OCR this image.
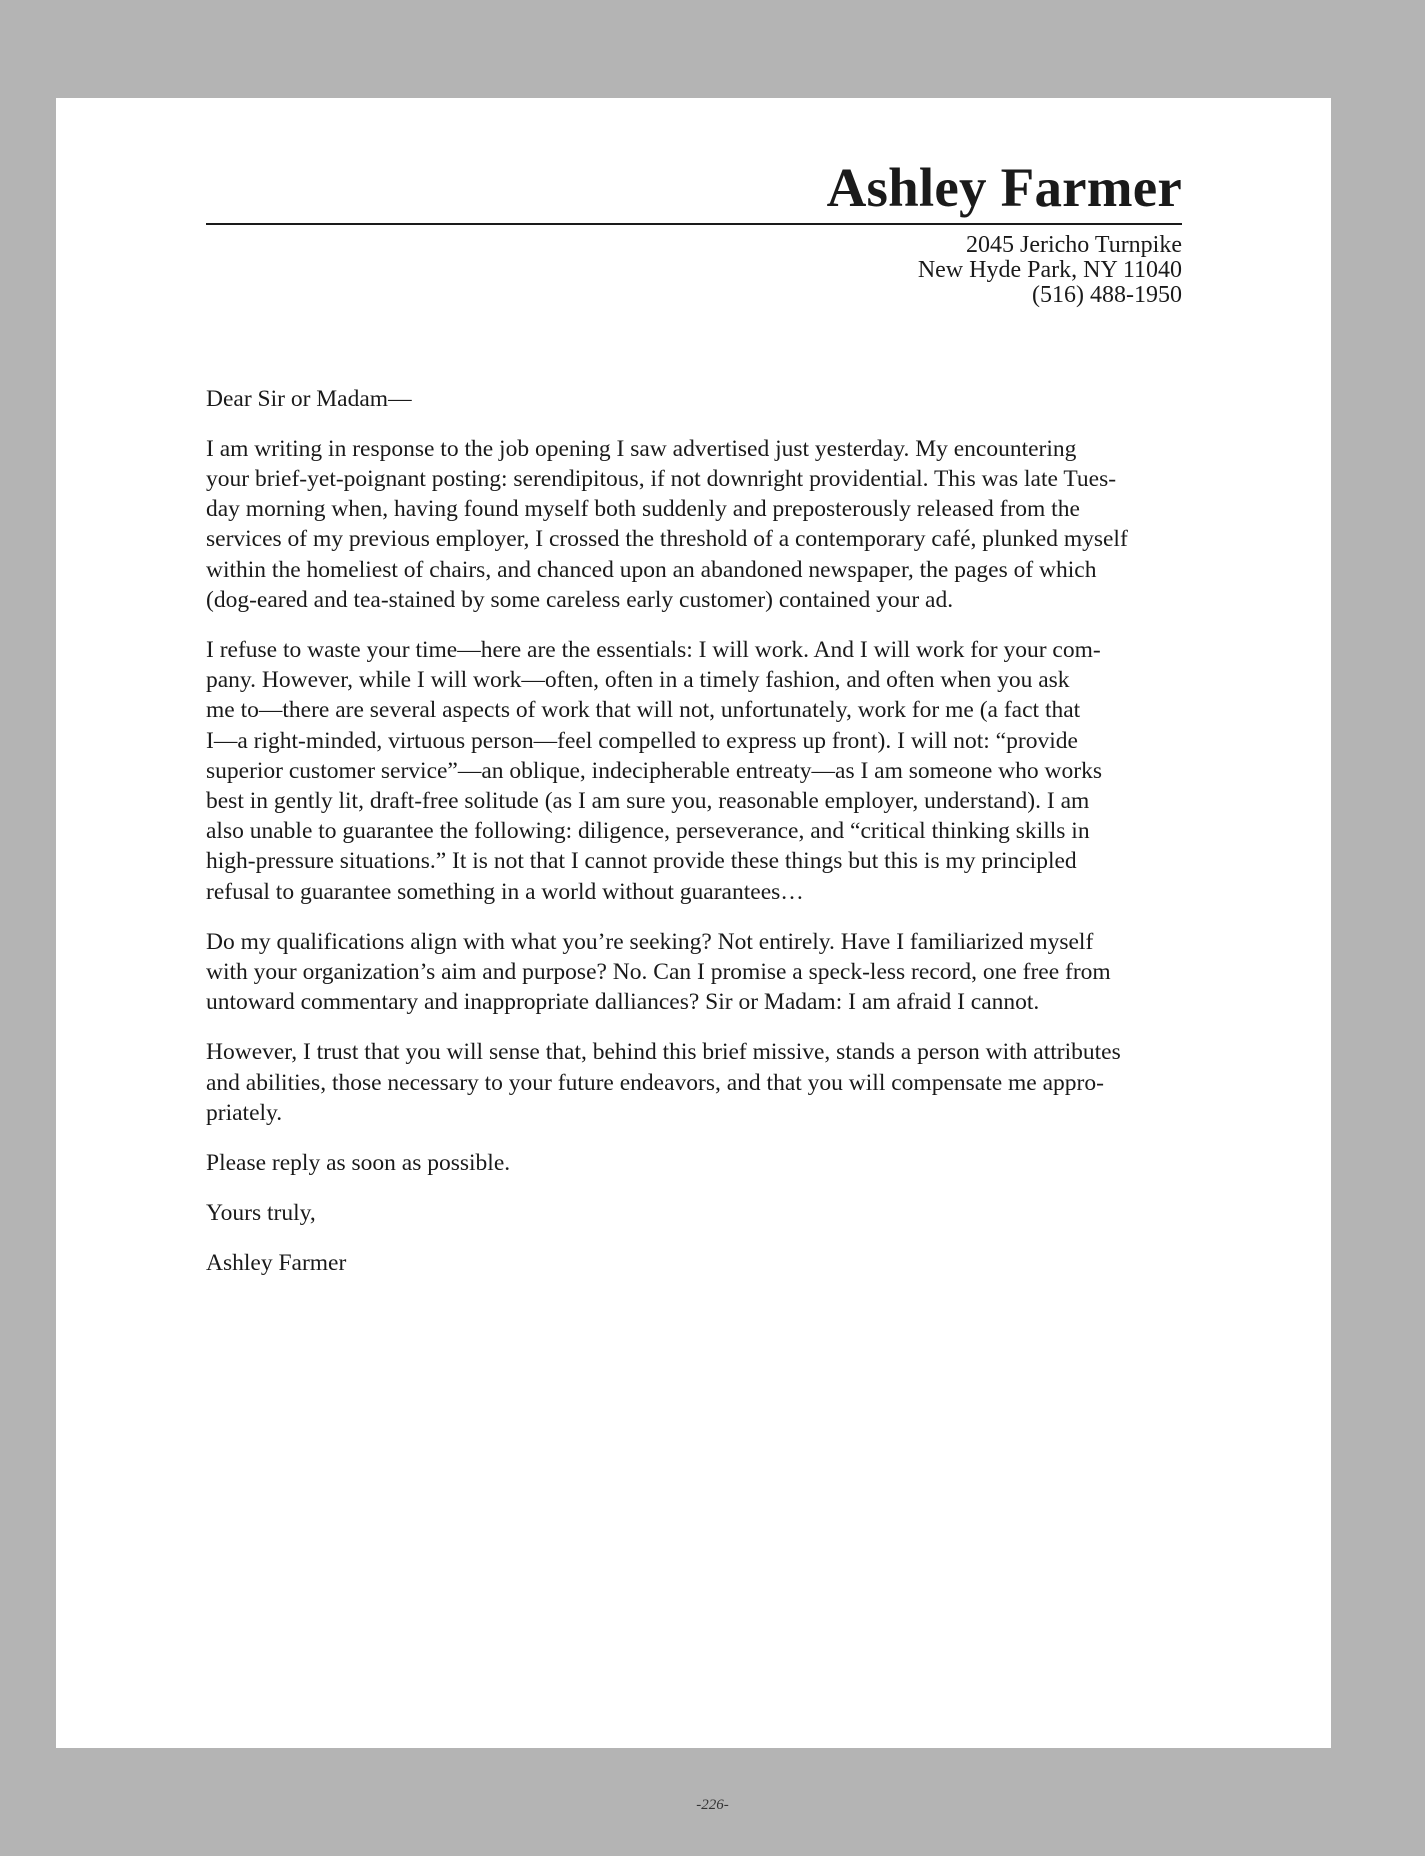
Ashley Farmer
2045 Jericho Turnpike
New Hyde Park, NY 11040
(516) 488-1950

Dear Sir or Madam—

I am writing in response to the job opening I saw advertised just yesterday. My encountering
your brief-yet-poignant posting: serendipitous, if not downright providential. This was late Tues-
day morning when, having found myself both suddenly and preposterously released from the
services of my previous employer, I crossed the threshold of a contemporary café, plunked myself
within the homeliest of chairs, and chanced upon an abandoned newspaper, the pages of which
(dog-eared and tea-stained by some careless early customer) contained your ad.

I refuse to waste your time—here are the essentials: I will work. And I will work for your com-
pany. However, while I will work—often, often in a timely fashion, and often when you ask
me to—there are several aspects of work that will not, unfortunately, work for me (a fact that
I—a right-minded, virtuous person—feel compelled to express up front). I will not: “provide
superior customer service”—an oblique, indecipherable entreaty—as I am someone who works
best in gently lit, draft-free solitude (as I am sure you, reasonable employer, understand). I am
also unable to guarantee the following: diligence, perseverance, and “critical thinking skills in
high-pressure situations.” It is not that I cannot provide these things but this is my principled
refusal to guarantee something in a world without guarantees…

Do my qualifications align with what you’re seeking? Not entirely. Have I familiarized myself
with your organization’s aim and purpose? No. Can I promise a speck-less record, one free from
untoward commentary and inappropriate dalliances? Sir or Madam: I am afraid I cannot.

However, I trust that you will sense that, behind this brief missive, stands a person with attributes
and abilities, those necessary to your future endeavors, and that you will compensate me appro-
priately.

Please reply as soon as possible.

Yours truly,

Ashley Farmer

-226-
